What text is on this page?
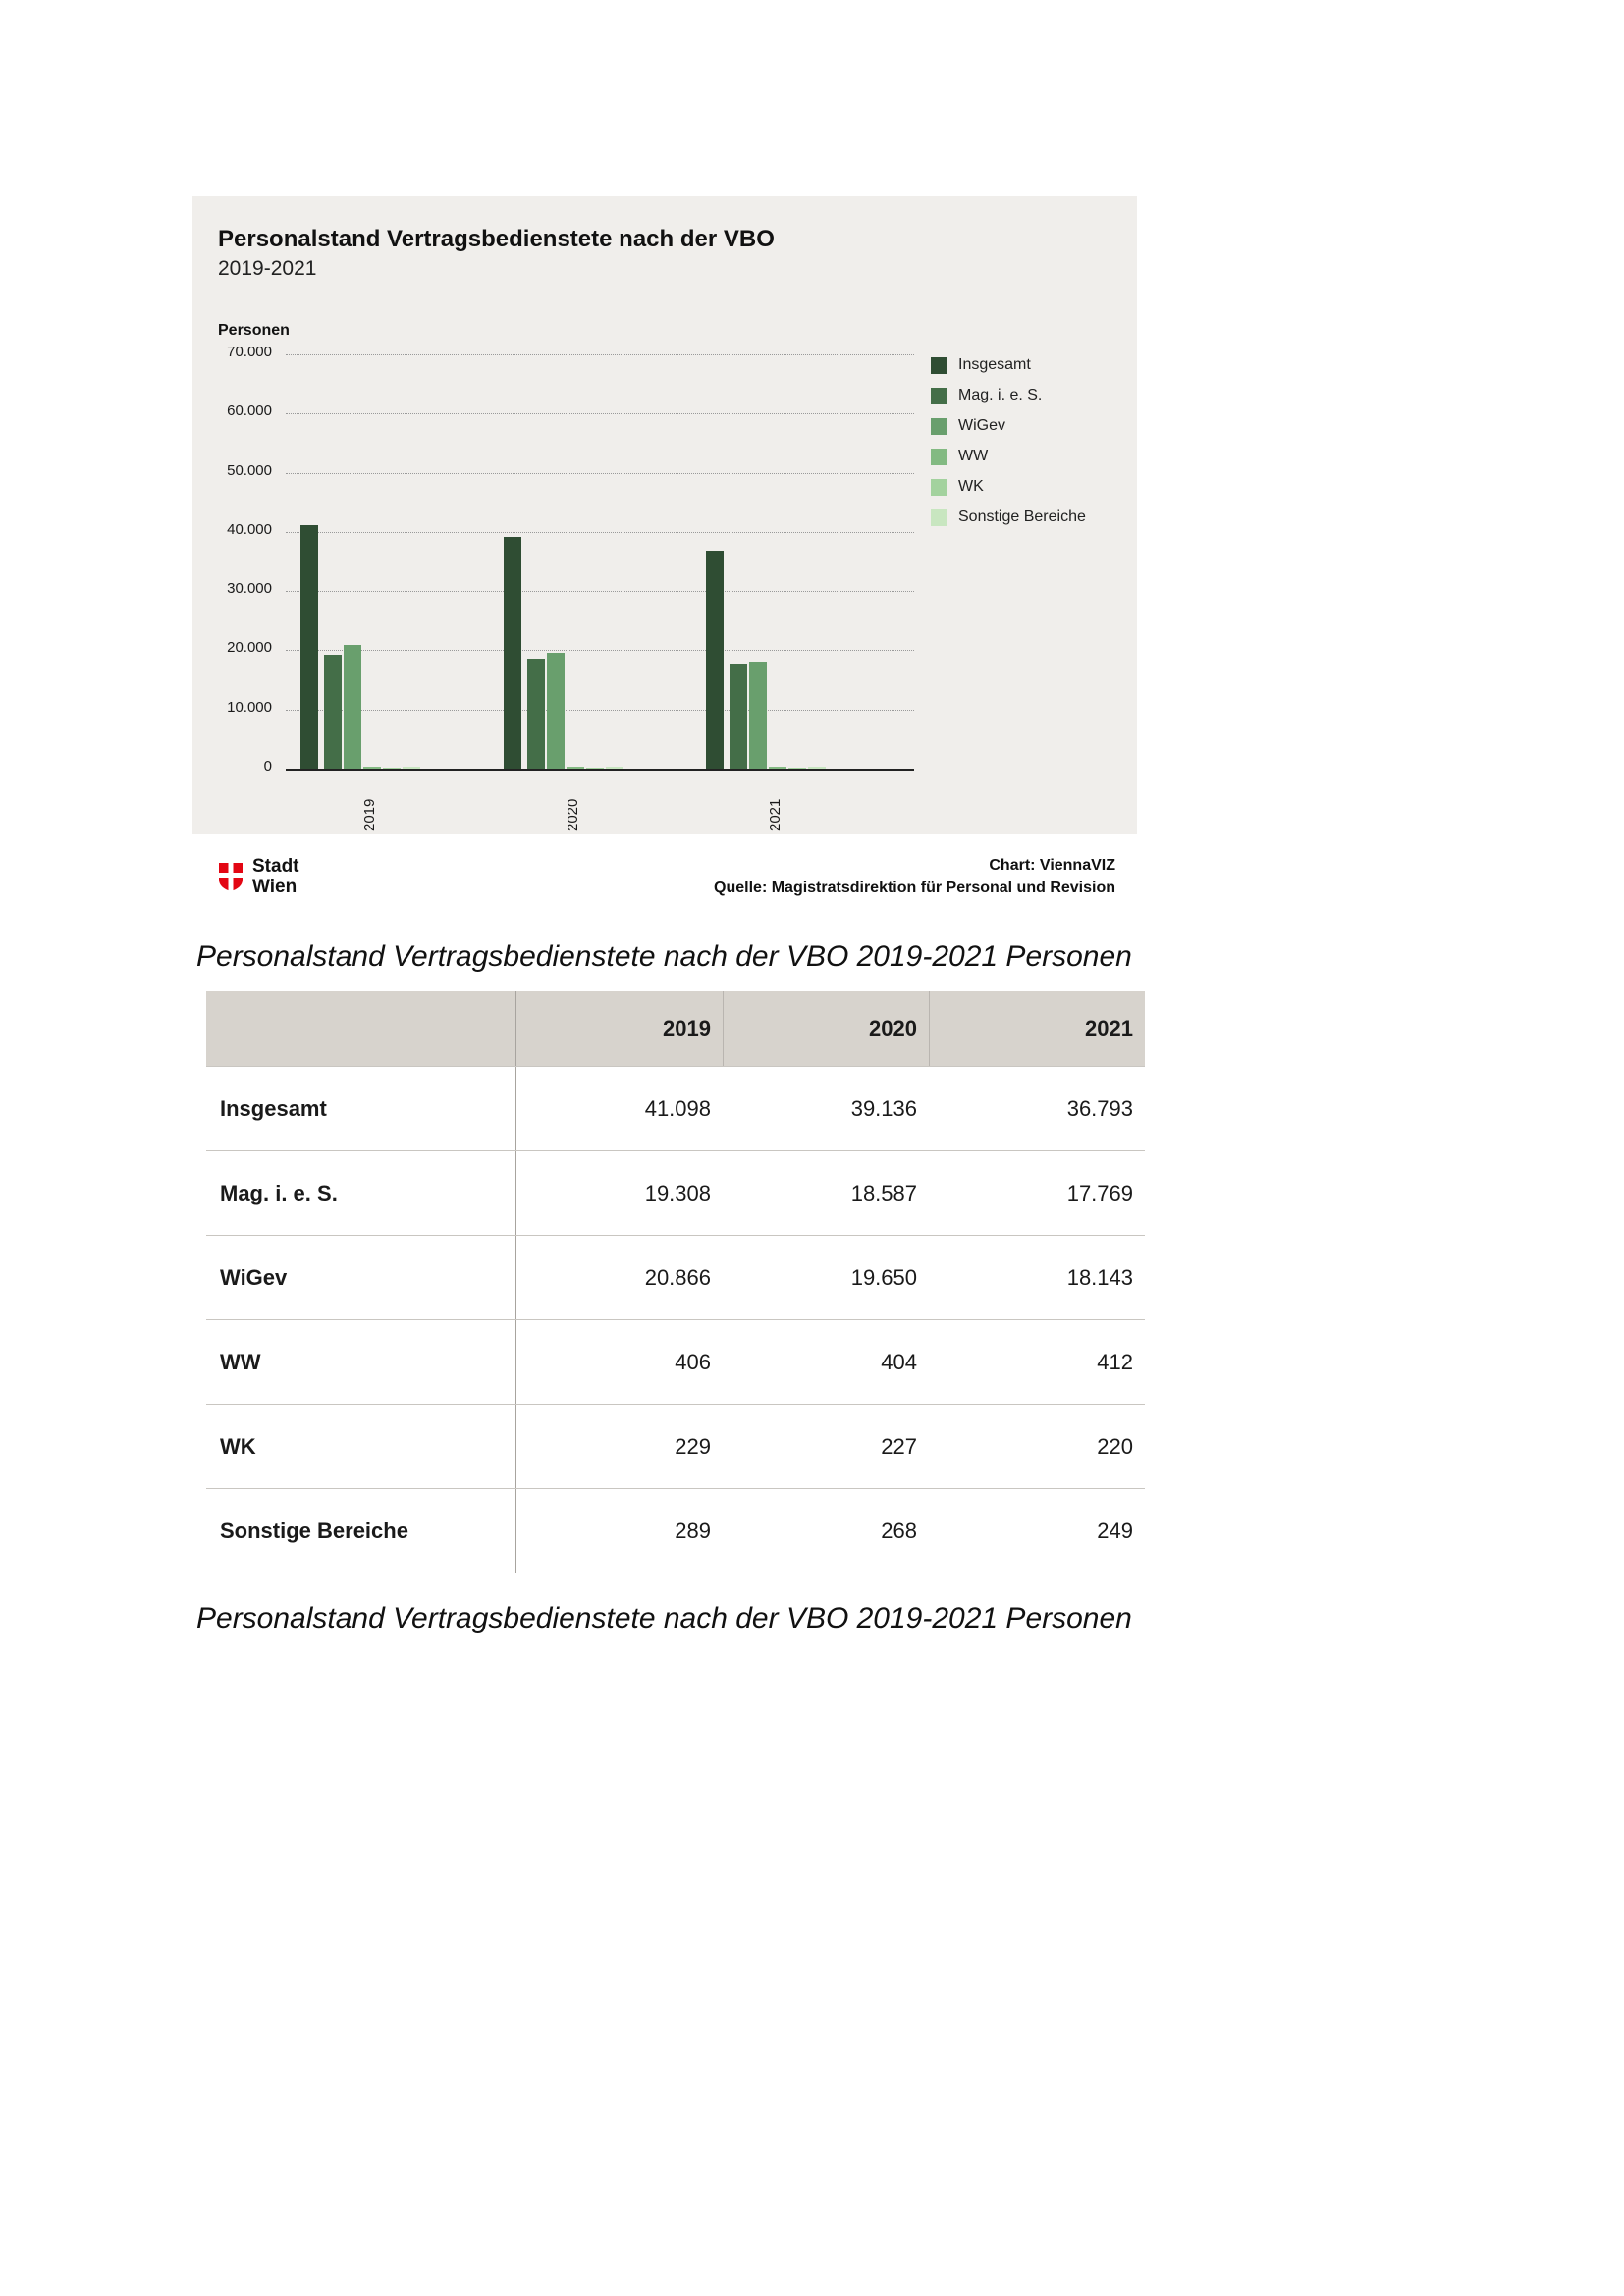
Personalstand Vertragsbedienstete nach der VBO
2019-2021
Personen
0
10.000
20.000
30.000
40.000
50.000
60.000
70.000
2019	2020	2021
Insgesamt
Mag. i. e. S.
WiGev
WW
WK
Sonstige Bereiche
Stadt
Wien
Chart: ViennaVIZ
Quelle: Magistratsdirektion für Personal und Revision
Personalstand Vertragsbedienstete nach der VBO 2019-2021 Personen
2019	2020	2021
Insgesamt	41.098	39.136	36.793
Mag. i. e. S.	19.308	18.587	17.769
WiGev	20.866	19.650	18.143
WW	406	404	412
WK	229	227	220
Sonstige Bereiche	289	268	249
Personalstand Vertragsbedienstete nach der VBO 2019-2021 Personen
